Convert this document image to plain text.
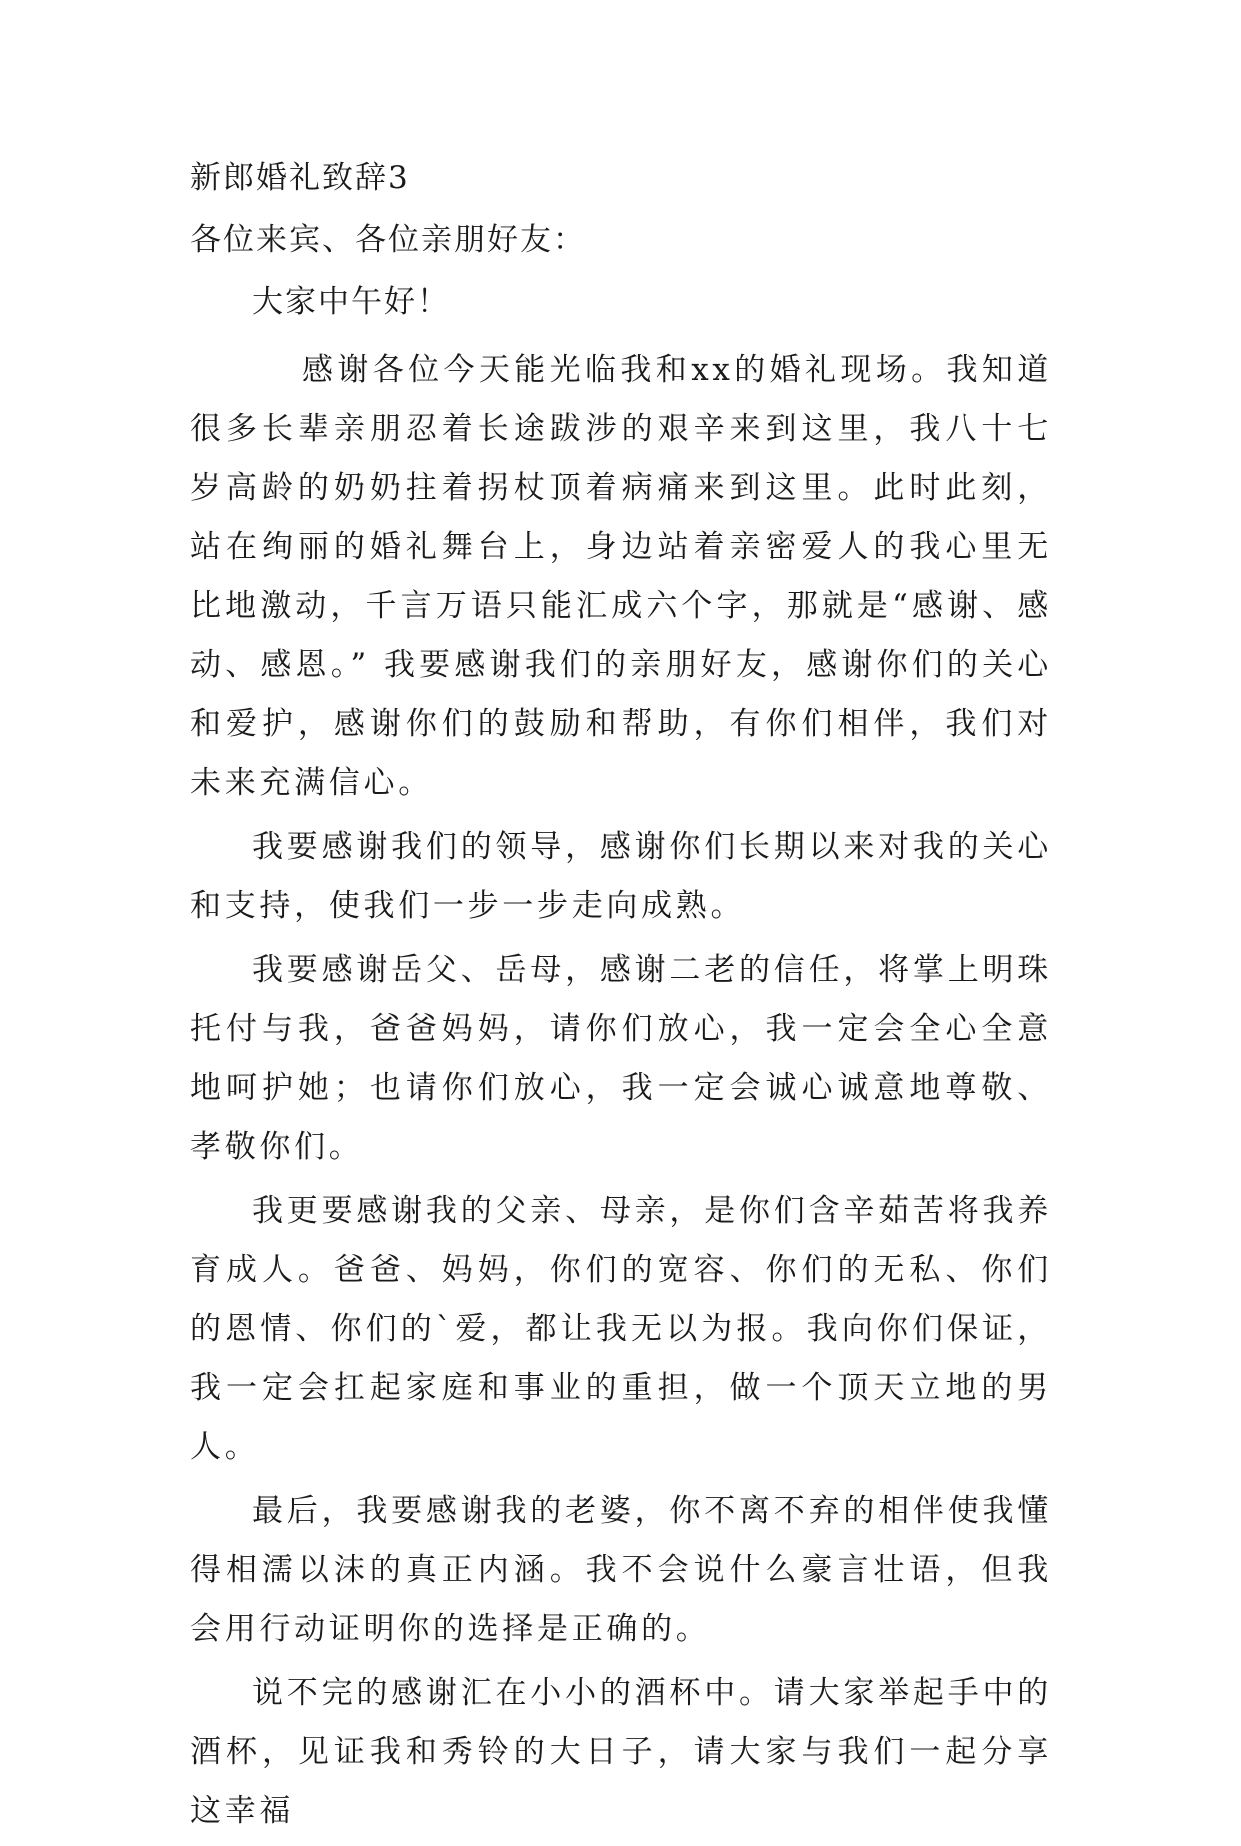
新郎婚礼致辞3

各位来宾、各位亲朋好友：

大家中午好！

感谢各位今天能光临我和xx的婚礼现场。我知道很多长辈亲朋忍着长途跋涉的艰辛来到这里，我八十七岁高龄的奶奶拄着拐杖顶着病痛来到这里。此时此刻，站在绚丽的婚礼舞台上，身边站着亲密爱人的我心里无比地激动，千言万语只能汇成六个字，那就是“感谢、感动、感恩。” 我要感谢我们的亲朋好友，感谢你们的关心和爱护，感谢你们的鼓励和帮助，有你们相伴，我们对未来充满信心。

我要感谢我们的领导，感谢你们长期以来对我的关心和支持，使我们一步一步走向成熟。

我要感谢岳父、岳母，感谢二老的信任，将掌上明珠托付与我，爸爸妈妈，请你们放心，我一定会全心全意地呵护她；也请你们放心，我一定会诚心诚意地尊敬、孝敬你们。

我更要感谢我的父亲、母亲，是你们含辛茹苦将我养育成人。爸爸、妈妈，你们的宽容、你们的无私、你们的恩情、你们的`爱，都让我无以为报。我向你们保证，我一定会扛起家庭和事业的重担，做一个顶天立地的男人。

最后，我要感谢我的老婆，你不离不弃的相伴使我懂得相濡以沫的真正内涵。我不会说什么豪言壮语，但我会用行动证明你的选择是正确的。

说不完的感谢汇在小小的酒杯中。请大家举起手中的酒杯，见证我和秀铃的大日子，请大家与我们一起分享这幸福
